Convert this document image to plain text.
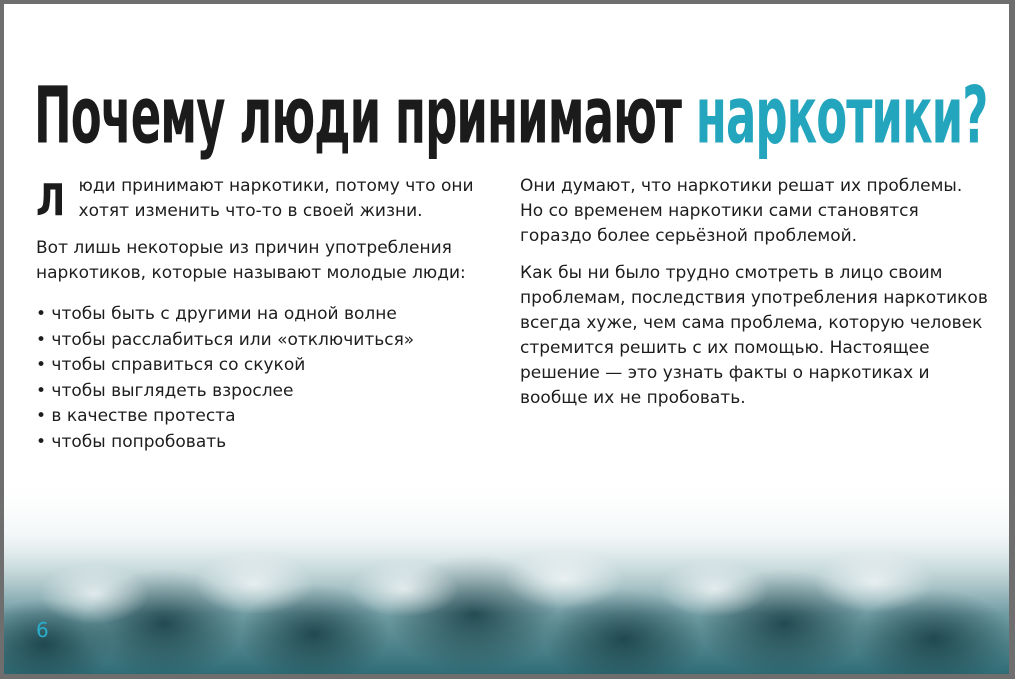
Почему люди принимают наркотики?

Люди принимают наркотики, потому что они хотят изменить что-то в своей жизни.

Вот лишь некоторые из причин употребления наркотиков, которые называют молодые люди:

• чтобы быть с другими на одной волне
• чтобы расслабиться или «отключиться»
• чтобы справиться со скукой
• чтобы выглядеть взрослее
• в качестве протеста
• чтобы попробовать

Они думают, что наркотики решат их проблемы. Но со временем наркотики сами становятся гораздо более серьёзной проблемой.

Как бы ни было трудно смотреть в лицо своим проблемам, последствия употребления наркотиков всегда хуже, чем сама проблема, которую человек стремится решить с их помощью. Настоящее решение — это узнать факты о наркотиках и вообще их не пробовать.

6
